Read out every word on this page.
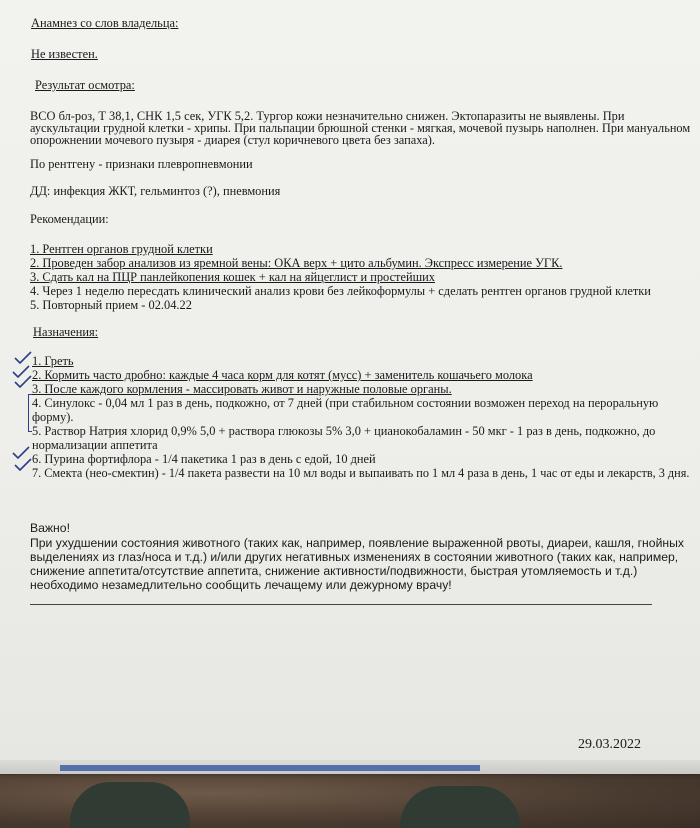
Анамнез со слов владельца:
Не известен.
Результат осмотра:
ВСО бл-роз, Т 38,1, СНК 1,5 сек, УГК 5,2. Тургор кожи незначительно снижен. Эктопаразиты не выявлены. При
аускультации грудной клетки - хрипы. При пальпации брюшной стенки - мягкая, мочевой пузырь наполнен. При мануальном
опорожнении мочевого пузыря - диарея (стул коричневого цвета без запаха).
По рентгену - признаки плевропневмонии
ДД: инфекция ЖКТ, гельминтоз (?), пневмония
Рекомендации:
1. Рентген органов грудной клетки
2. Проведен забор анализов из яремной вены: ОКА верх + цито альбумин. Экспресс измерение УГК.
3. Сдать кал на ПЦР панлейкопения кошек + кал на яйцеглист и простейших
4. Через 1 неделю пересдать клинический анализ крови без лейкоформулы + сделать рентген органов грудной клетки
5. Повторный прием - 02.04.22
Назначения:
1. Греть
2. Кормить часто дробно: каждые 4 часа корм для котят (мусс) + заменитель кошачьего молока
3. После каждого кормления - массировать живот и наружные половые органы.
4. Синулокс - 0,04 мл 1 раз в день, подкожно, от 7 дней (при стабильном состоянии возможен переход на пероральную
форму).
5. Раствор Натрия хлорид 0,9% 5,0 + раствора глюкозы 5% 3,0 + цианокобаламин - 50 мкг - 1 раз в день, подкожно, до
нормализации аппетита
6. Пурина фортифлора - 1/4 пакетика 1 раз в день с едой, 10 дней
7. Смекта (нео-смектин) - 1/4 пакета развести на 10 мл воды и выпаивать по 1 мл 4 раза в день, 1 час от еды и лекарств, 3 дня.
Важно!
При ухудшении состояния животного (таких как, например, появление выраженной рвоты, диареи, кашля, гнойных
выделениях из глаз/носа и т.д.) и/или других негативных изменениях в состоянии животного (таких как, например,
снижение аппетита/отсутствие аппетита, снижение активности/подвижности, быстрая утомляемость и т.д.)
необходимо незамедлительно сообщить лечащему или дежурному врачу!
29.03.2022
